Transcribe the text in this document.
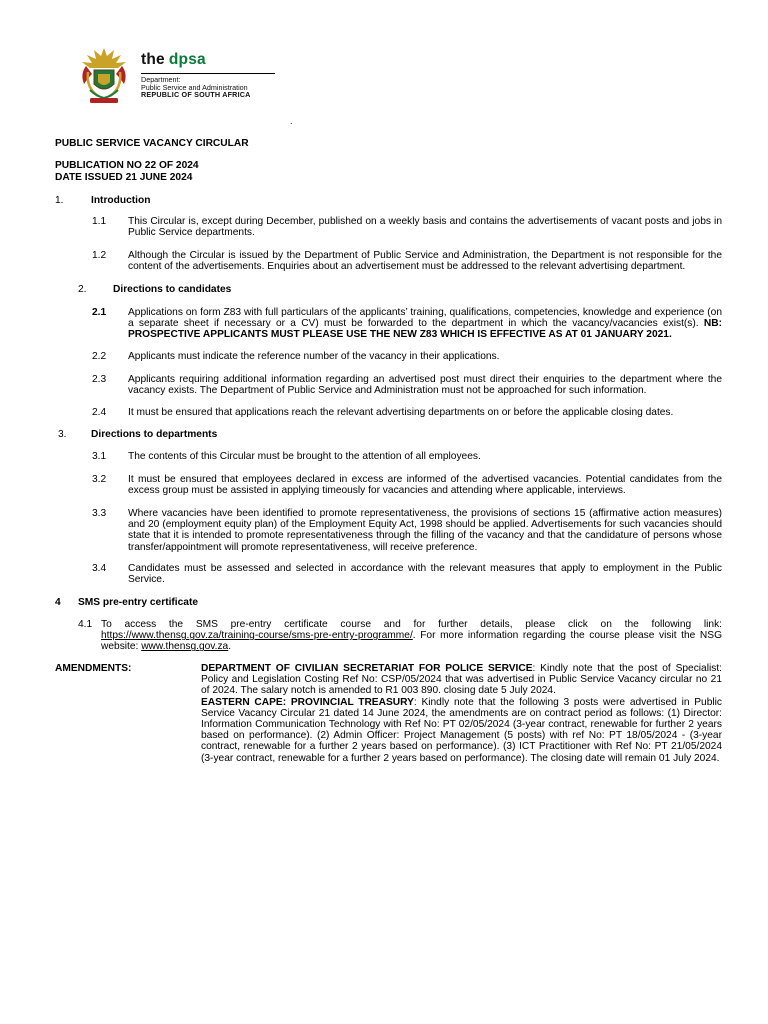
the dpsa
Department:
Public Service and Administration
REPUBLIC OF SOUTH AFRICA
.
PUBLIC SERVICE VACANCY CIRCULAR
PUBLICATION NO 22 OF 2024
DATE ISSUED 21 JUNE 2024
1.	Introduction
1.1 This Circular is, except during December, published on a weekly basis and contains the advertisements of vacant posts and jobs in Public Service departments.
1.2 Although the Circular is issued by the Department of Public Service and Administration, the Department is not responsible for the content of the advertisements. Enquiries about an advertisement must be addressed to the relevant advertising department.
2.	Directions to candidates
2.1 Applications on form Z83 with full particulars of the applicants’ training, qualifications, competencies, knowledge and experience (on a separate sheet if necessary or a CV) must be forwarded to the department in which the vacancy/vacancies exist(s). NB: PROSPECTIVE APPLICANTS MUST PLEASE USE THE NEW Z83 WHICH IS EFFECTIVE AS AT 01 JANUARY 2021.
2.2 Applicants must indicate the reference number of the vacancy in their applications.
2.3 Applicants requiring additional information regarding an advertised post must direct their enquiries to the department where the vacancy exists. The Department of Public Service and Administration must not be approached for such information.
2.4 It must be ensured that applications reach the relevant advertising departments on or before the applicable closing dates.
3. Directions to departments
3.1 The contents of this Circular must be brought to the attention of all employees.
3.2 It must be ensured that employees declared in excess are informed of the advertised vacancies. Potential candidates from the excess group must be assisted in applying timeously for vacancies and attending where applicable, interviews.
3.3 Where vacancies have been identified to promote representativeness, the provisions of sections 15 (affirmative action measures) and 20 (employment equity plan) of the Employment Equity Act, 1998 should be applied. Advertisements for such vacancies should state that it is intended to promote representativeness through the filling of the vacancy and that the candidature of persons whose transfer/appointment will promote representativeness, will receive preference.
3.4 Candidates must be assessed and selected in accordance with the relevant measures that apply to employment in the Public Service.
4 SMS pre-entry certificate
4.1 To access the SMS pre-entry certificate course and for further details, please click on the following link: https://www.thensg.gov.za/training-course/sms-pre-entry-programme/. For more information regarding the course please visit the NSG website: www.thensg.gov.za.
AMENDMENTS:	DEPARTMENT OF CIVILIAN SECRETARIAT FOR POLICE SERVICE: Kindly note that the post of Specialist: Policy and Legislation Costing Ref No: CSP/05/2024 that was advertised in Public Service Vacancy circular no 21 of 2024. The salary notch is amended to R1 003 890. closing date 5 July 2024.

EASTERN CAPE: PROVINCIAL TREASURY: Kindly note that the following 3 posts were advertised in Public Service Vacancy Circular 21 dated 14 June 2024, the amendments are on contract period as follows: (1) Director: Information Communication Technology with Ref No: PT 02/05/2024 (3-year contract, renewable for further 2 years based on performance). (2) Admin Officer: Project Management (5 posts) with ref No: PT 18/05/2024 - (3-year contract, renewable for a further 2 years based on performance). (3) ICT Practitioner with Ref No: PT 21/05/2024 (3-year contract, renewable for a further 2 years based on performance). The closing date will remain 01 July 2024.
